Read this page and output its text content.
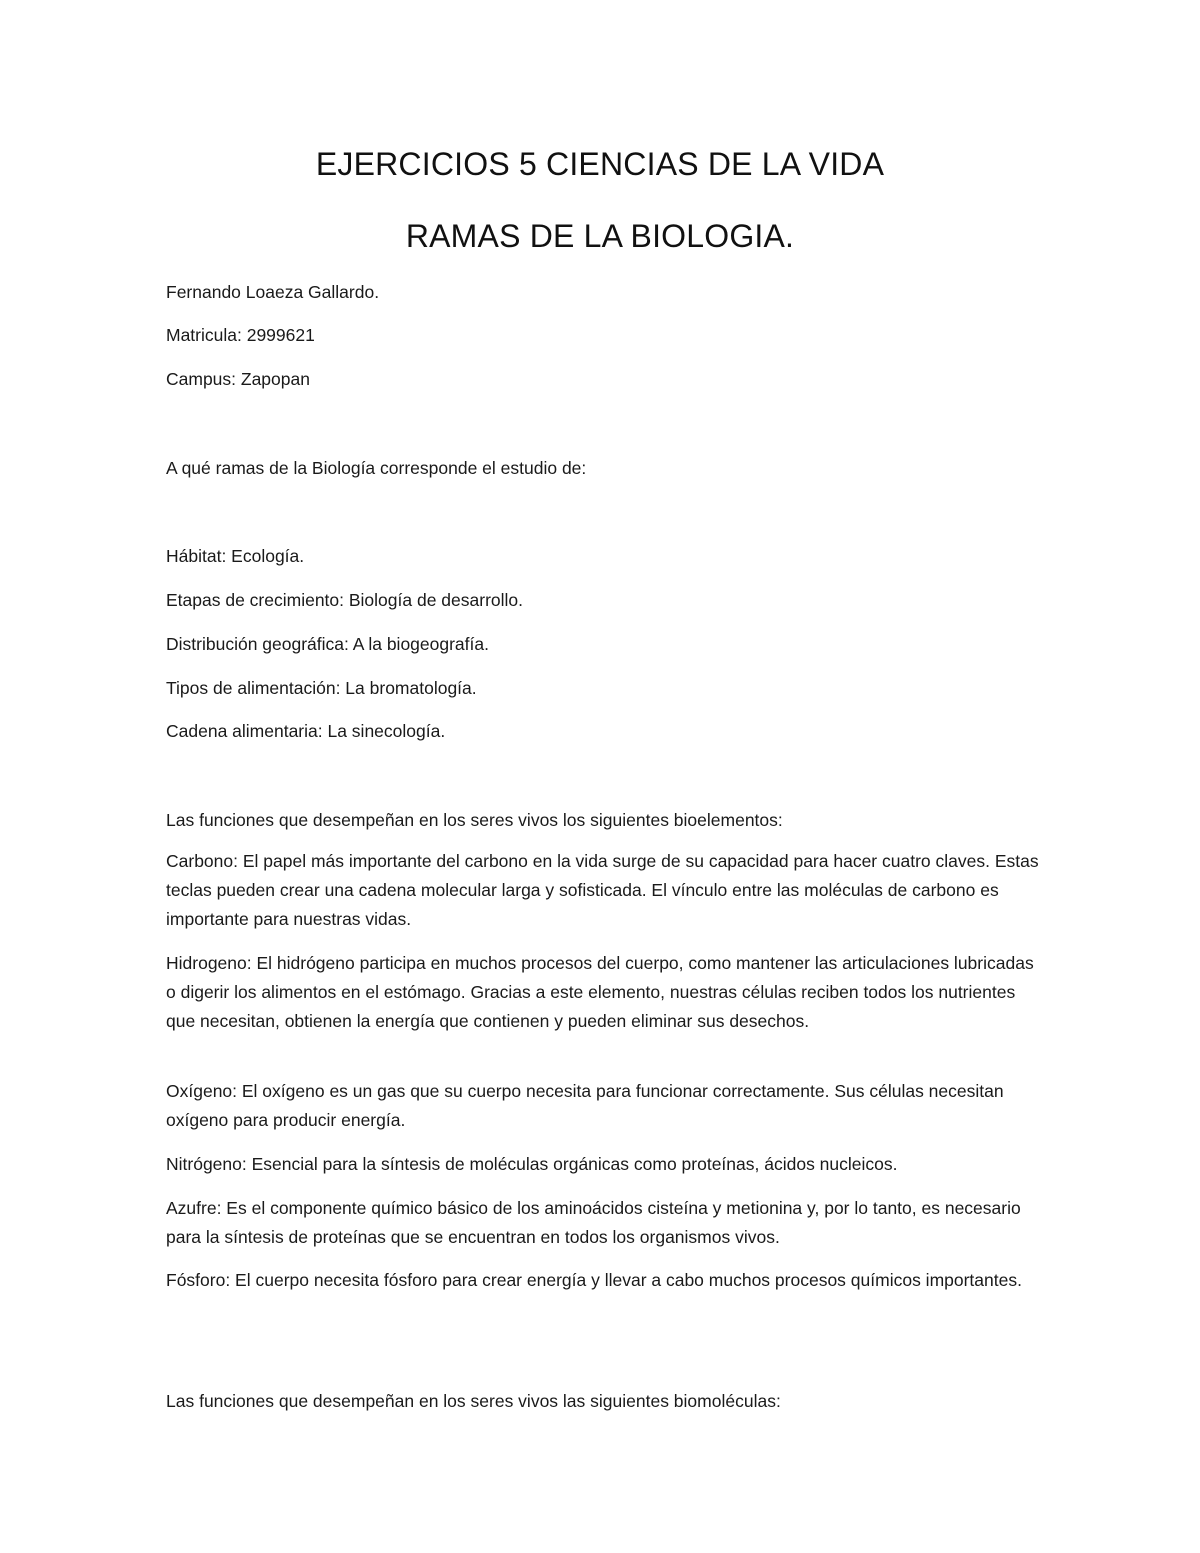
EJERCICIOS 5 CIENCIAS DE LA VIDA
RAMAS DE LA BIOLOGIA.
Fernando Loaeza Gallardo.
Matricula: 2999621
Campus: Zapopan
A qué ramas de la Biología corresponde el estudio de:
Hábitat: Ecología.
Etapas de crecimiento: Biología de desarrollo.
Distribución geográfica: A la biogeografía.
Tipos de alimentación: La bromatología.
Cadena alimentaria: La sinecología.
Las funciones que desempeñan en los seres vivos los siguientes bioelementos:
Carbono: El papel más importante del carbono en la vida surge de su capacidad para hacer cuatro claves. Estas teclas pueden crear una cadena molecular larga y sofisticada. El vínculo entre las moléculas de carbono es importante para nuestras vidas.
Hidrogeno: El hidrógeno participa en muchos procesos del cuerpo, como mantener las articulaciones lubricadas o digerir los alimentos en el estómago. Gracias a este elemento, nuestras células reciben todos los nutrientes que necesitan, obtienen la energía que contienen y pueden eliminar sus desechos.
Oxígeno: El oxígeno es un gas que su cuerpo necesita para funcionar correctamente. Sus células necesitan oxígeno para producir energía.
Nitrógeno: Esencial para la síntesis de moléculas orgánicas como proteínas, ácidos nucleicos.
Azufre: Es el componente químico básico de los aminoácidos cisteína y metionina y, por lo tanto, es necesario para la síntesis de proteínas que se encuentran en todos los organismos vivos.
Fósforo: El cuerpo necesita fósforo para crear energía y llevar a cabo muchos procesos químicos importantes.
Las funciones que desempeñan en los seres vivos las siguientes biomoléculas:
